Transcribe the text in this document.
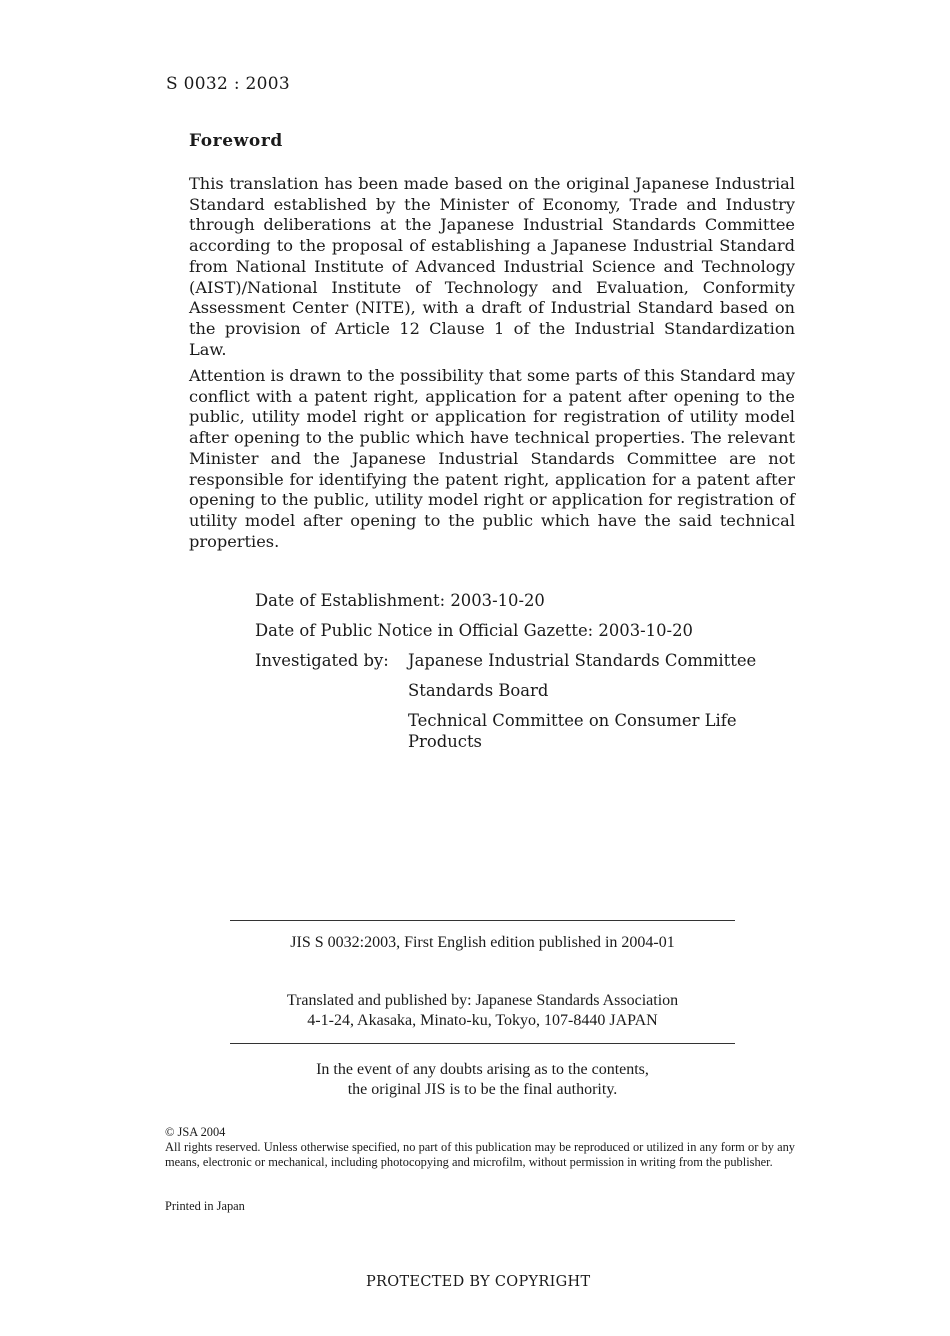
S 0032 : 2003
Foreword

This translation has been made based on the original Japanese Industrial Standard established by the Minister of Economy, Trade and Industry through deliberations at the Japanese Industrial Standards Committee according to the proposal of establishing a Japanese Industrial Standard from National Institute of Advanced Industrial Science and Technology (AIST)/National Institute of Technology and Evaluation, Conformity Assessment Center (NITE), with a draft of Industrial Standard based on the provision of Article 12 Clause 1 of the Industrial Standardization Law.

Attention is drawn to the possibility that some parts of this Standard may conflict with a patent right, application for a patent after opening to the public, utility model right or application for registration of utility model after opening to the public which have technical properties. The relevant Minister and the Japanese Industrial Standards Committee are not responsible for identifying the patent right, application for a patent after opening to the public, utility model right or application for registration of utility model after opening to the public which have the said technical properties.

Date of Establishment: 2003-10-20
Date of Public Notice in Official Gazette: 2003-10-20
Investigated by: Japanese Industrial Standards Committee
Standards Board
Technical Committee on Consumer Life Products
JIS S 0032:2003, First English edition published in 2004-01
Translated and published by: Japanese Standards Association
4-1-24, Akasaka, Minato-ku, Tokyo, 107-8440 JAPAN
In the event of any doubts arising as to the contents,
the original JIS is to be the final authority.
© JSA 2004
All rights reserved. Unless otherwise specified, no part of this publication may be reproduced or utilized in any form or by any means, electronic or mechanical, including photocopying and microfilm, without permission in writing from the publisher.
Printed in Japan
PROTECTED BY COPYRIGHT
